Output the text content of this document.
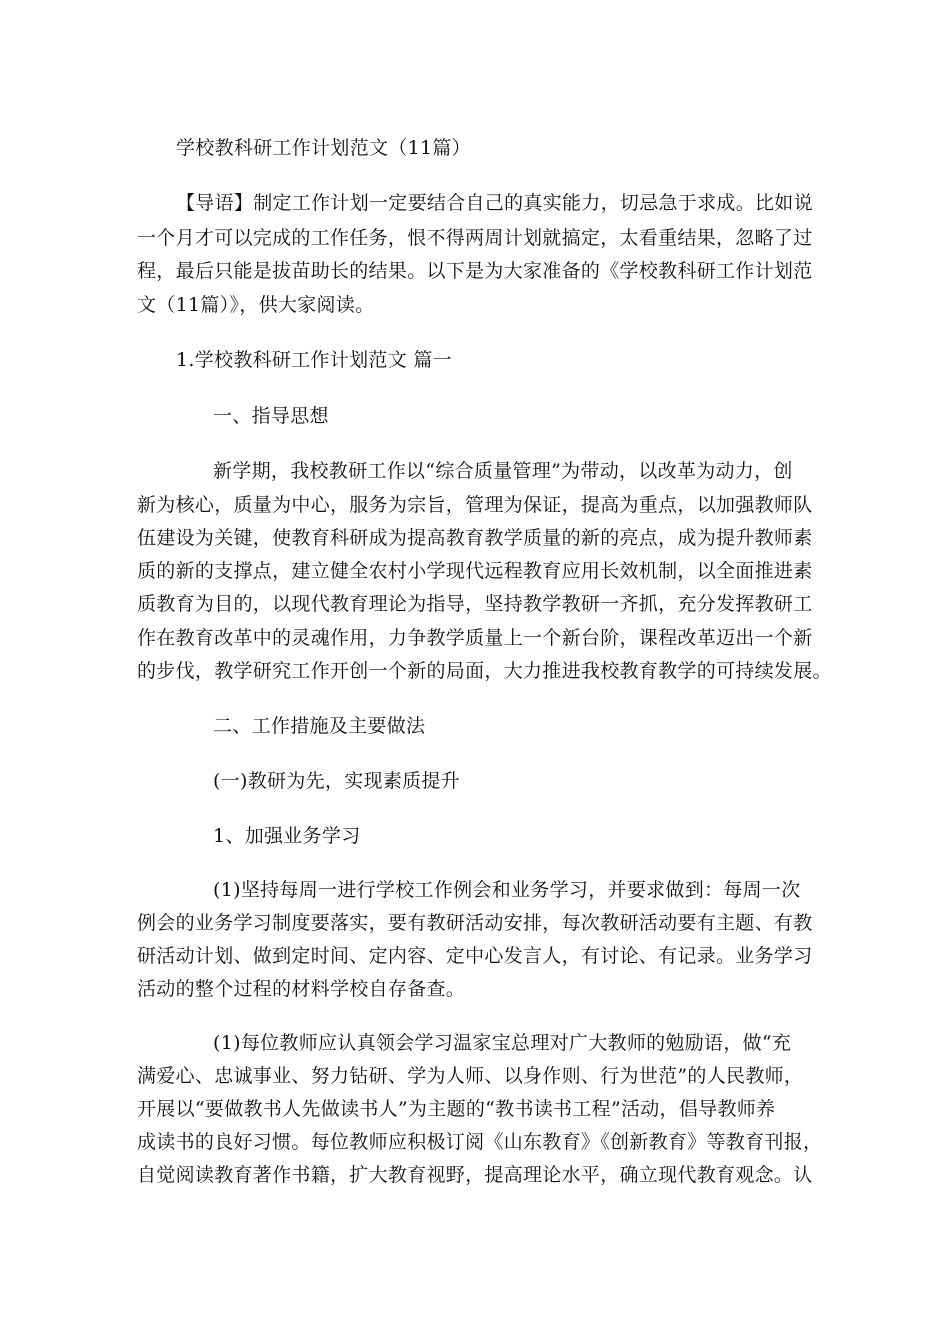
学校教科研工作计划范文（11篇）
【导语】制定工作计划一定要结合自己的真实能力，切忌急于求成。比如说
一个月才可以完成的工作任务，恨不得两周计划就搞定，太看重结果，忽略了过
程，最后只能是拔苗助长的结果。以下是为大家准备的《学校教科研工作计划范
文（11篇）》，供大家阅读。
1.学校教科研工作计划范文 篇一
一、指导思想
新学期，我校教研工作以“综合质量管理”为带动，以改革为动力，创
新为核心，质量为中心，服务为宗旨，管理为保证，提高为重点，以加强教师队
伍建设为关键，使教育科研成为提高教育教学质量的新的亮点，成为提升教师素
质的新的支撑点，建立健全农村小学现代远程教育应用长效机制，以全面推进素
质教育为目的，以现代教育理论为指导，坚持教学教研一齐抓，充分发挥教研工
作在教育改革中的灵魂作用，力争教学质量上一个新台阶，课程改革迈出一个新
的步伐，教学研究工作开创一个新的局面，大力推进我校教育教学的可持续发展。
二、工作措施及主要做法
(一)教研为先，实现素质提升
1、加强业务学习
(1)坚持每周一进行学校工作例会和业务学习，并要求做到：每周一次
例会的业务学习制度要落实，要有教研活动安排，每次教研活动要有主题、有教
研活动计划、做到定时间、定内容、定中心发言人，有讨论、有记录。业务学习
活动的整个过程的材料学校自存备查。
(1)每位教师应认真领会学习温家宝总理对广大教师的勉励语，做“充
满爱心、忠诚事业、努力钻研、学为人师、以身作则、行为世范”的人民教师，
开展以“要做教书人先做读书人”为主题的“教书读书工程”活动，倡导教师养
成读书的良好习惯。每位教师应积极订阅《山东教育》《创新教育》等教育刊报，
自觉阅读教育著作书籍，扩大教育视野，提高理论水平，确立现代教育观念。认
